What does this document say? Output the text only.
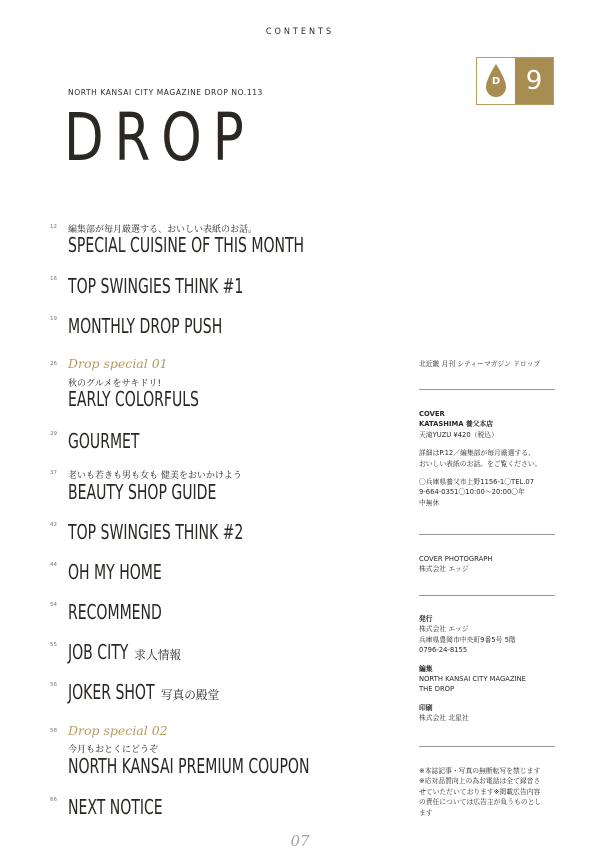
CONTENTS
NORTH KANSAI CITY MAGAZINE DROP NO.113
DROP
D 9
12 編集部が毎月厳選する、おいしい表紙のお話。
SPECIAL CUISINE OF THIS MONTH
16 TOP SWINGIES THINK #1
19 MONTHLY DROP PUSH
26 Drop special 01
秋のグルメをサキドリ!
EARLY COLORFULS
29 GOURMET
37 老いも若きも男も女も 健美をおいかけよう
BEAUTY SHOP GUIDE
42 TOP SWINGIES THINK #2
44 OH MY HOME
54 RECOMMEND
55 JOB CITY 求人情報
56 JOKER SHOT 写真の殿堂
58 Drop special 02
今月もおとくにどうぞ
NORTH KANSAI PREMIUM COUPON
66 NEXT NOTICE
北近畿 月刊 シティーマガジン ドロップ
COVER
KATASHIMA 養父本店
天滝YUZU ¥420（税込）
詳細はP.12／編集部が毎月厳選する、
おいしい表紙のお話。をご覧ください。
〇兵庫県養父市上野1156-1〇TEL.07
9-664-0351〇10:00～20:00〇年
中無休
COVER PHOTOGRAPH
株式会社 エッジ
発行
株式会社 エッジ
兵庫県豊岡市中央町9番5号 5階
0796-24-8155
編集
NORTH KANSAI CITY MAGAZINE
THE DROP
印刷
株式会社 北星社
※本誌記事・写真の無断転写を禁じます
※応対品質向上の為お電話は全て録音さ
せていただいております※掲載広告内容
の責任については広告主が負うものとし
ます
07
